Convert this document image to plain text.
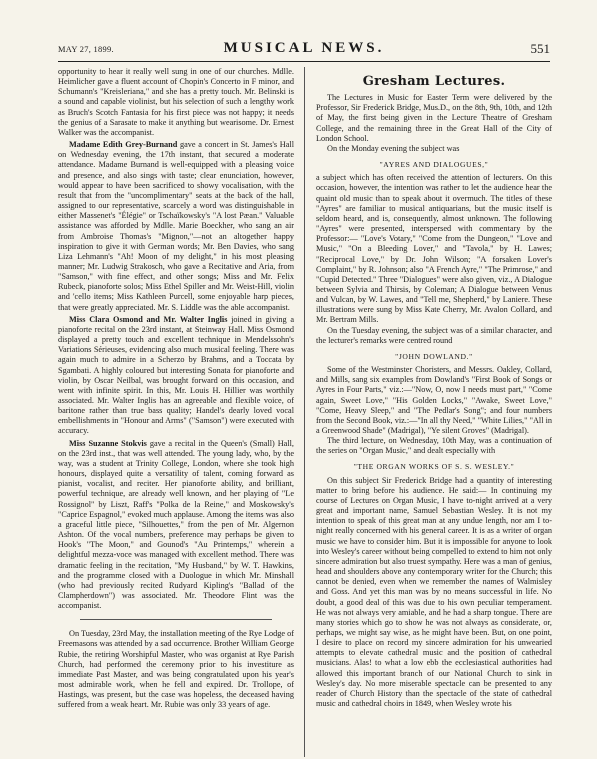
MAY 27, 1899.	MUSICAL NEWS.	551

opportunity to hear it really well sung in one of our churches. Mdlle. Heimlicher gave a fluent account of Chopin's Concerto in F minor, and Schumann's "Kreisleriana," and she has a pretty touch. Mr. Belinski is a sound and capable violinist, but his selection of such a lengthy work as Bruch's Scotch Fantasia for his first piece was not happy; it needs the genius of a Sarasate to make it anything but wearisome. Dr. Ernest Walker was the accompanist.

Madame Edith Grey-Burnand gave a concert in St. James's Hall on Wednesday evening, the 17th instant, that secured a moderate attendance. Madame Burnand is well-equipped with a pleasing voice and presence, and also sings with taste; clear enunciation, however, would appear to have been sacrificed to showy vocalisation, with the result that from the "uncomplimentary" seats at the back of the hall, assigned to our representative, scarcely a word was distinguishable in either Massenet's "Élégie" or Tschaïkowsky's "A lost Pæan." Valuable assistance was afforded by Mdlle. Marie Boeckher, who sang an air from Ambroise Thomas's "Mignon,"—not an altogether happy inspiration to give it with German words; Mr. Ben Davies, who sang Liza Lehmann's "Ah! Moon of my delight," in his most pleasing manner; Mr. Ludwig Strakosch, who gave a Recitative and Aria, from "Samson," with fine effect, and other songs; Miss and Mr. Felix Rubeck, pianoforte solos; Miss Ethel Spiller and Mr. Weist-Hill, violin and 'cello items; Miss Kathleen Purcell, some enjoyable harp pieces, that were greatly appreciated. Mr. S. Liddle was the able accompanist.

Miss Clara Osmond and Mr. Walter Inglis joined in giving a pianoforte recital on the 23rd instant, at Steinway Hall. Miss Osmond displayed a pretty touch and excellent technique in Mendelssohn's Variations Sérieuses, evidencing also much musical feeling. There was again much to admire in a Scherzo by Brahms, and a Toccata by Sgambati. A highly coloured but interesting Sonata for pianoforte and violin, by Oscar Neilbal, was brought forward on this occasion, and went with infinite spirit. In this, Mr. Louis H. Hillier was worthily associated. Mr. Walter Inglis has an agreeable and flexible voice, of baritone rather than true bass quality; Handel's dearly loved vocal embellishments in "Honour and Arms" ("Samson") were executed with accuracy.

Miss Suzanne Stokvis gave a recital in the Queen's (Small) Hall, on the 23rd inst., that was well attended. The young lady, who, by the way, was a student at Trinity College, London, where she took high honours, displayed quite a versatility of talent, coming forward as pianist, vocalist, and reciter. Her pianoforte ability, and brilliant, powerful technique, are already well known, and her playing of "Le Rossignol" by Liszt, Raff's "Polka de la Reine," and Moskowsky's "Caprice Espagnol," evoked much applause. Among the items was also a graceful little piece, "Silhouettes," from the pen of Mr. Algernon Ashton. Of the vocal numbers, preference may perhaps be given to Hook's "The Moon," and Gounod's "Au Printemps," wherein a delightful mezza-voce was managed with excellent method. There was dramatic feeling in the recitation, "My Husband," by W. T. Hawkins, and the programme closed with a Duologue in which Mr. Minshall (who had previously recited Rudyard Kipling's "Ballad of the Clampherdown") was associated. Mr. Theodore Flint was the accompanist.

On Tuesday, 23rd May, the installation meeting of the Rye Lodge of Freemasons was attended by a sad occurrence. Brother William George Rubie, the retiring Worshipful Master, who was organist at Rye Parish Church, had performed the ceremony prior to his investiture as immediate Past Master, and was being congratulated upon his year's most admirable work, when he fell and expired. Dr. Trollope, of Hastings, was present, but the case was hopeless, the deceased having suffered from a weak heart. Mr. Rubie was only 33 years of age.

Gresham Lectures.

The Lectures in Music for Easter Term were delivered by the Professor, Sir Frederick Bridge, Mus.D., on the 8th, 9th, 10th, and 12th of May, the first being given in the Lecture Theatre of Gresham College, and the remaining three in the Great Hall of the City of London School.

On the Monday evening the subject was

"AYRES AND DIALOGUES,"

a subject which has often received the attention of lecturers. On this occasion, however, the intention was rather to let the audience hear the quaint old music than to speak about it overmuch. The titles of these "Ayres" are familiar to musical antiquarians, but the music itself is seldom heard, and is, consequently, almost unknown. The following "Ayres" were presented, interspersed with commentary by the Professor:— "Love's Votary," "Come from the Dungeon," "Love and Music," "On a Bleeding Lover," and "Tavola," by H. Lawes; "Reciprocal Love," by Dr. John Wilson; "A forsaken Lover's Complaint," by R. Johnson; also "A French Ayre," "The Primrose," and "Cupid Detected." Three "Dialogues" were also given, viz., A Dialogue between Sylvia and Thirsis, by Coleman; A Dialogue between Venus and Vulcan, by W. Lawes, and "Tell me, Shepherd," by Laniere. These illustrations were sung by Miss Kate Cherry, Mr. Avalon Collard, and Mr. Bertram Mills.

On the Tuesday evening, the subject was of a similar character, and the lecturer's remarks were centred round

"JOHN DOWLAND."

Some of the Westminster Choristers, and Messrs. Oakley, Collard, and Mills, sang six examples from Dowland's "First Book of Songs or Ayres in Four Parts," viz.:—"Now, O, now I needs must part," "Come again, Sweet Love," "His Golden Locks," "Awake, Sweet Love," "Come, Heavy Sleep," and "The Pedlar's Song"; and four numbers from the Second Book, viz.:—"In all thy Need," "White Lilies," "All in a Greenwood Shade" (Madrigal), "Ye silent Groves" (Madrigal).

The third lecture, on Wednesday, 10th May, was a continuation of the series on "Organ Music," and dealt especially with

"THE ORGAN WORKS OF S. S. WESLEY."

On this subject Sir Frederick Bridge had a quantity of interesting matter to bring before his audience. He said:— In continuing my course of Lectures on Organ Music, I have to-night arrived at a very great and important name, Samuel Sebastian Wesley. It is not my intention to speak of this great man at any undue length, nor am I to-night really concerned with his general career. It is as a writer of organ music we have to consider him. But it is impossible for anyone to look into Wesley's career without being compelled to extend to him not only sincere admiration but also truest sympathy. Here was a man of genius, head and shoulders above any contemporary writer for the Church; this cannot be denied, even when we remember the names of Walmisley and Goss. And yet this man was by no means successful in life. No doubt, a good deal of this was due to his own peculiar temperament. He was not always very amiable, and he had a sharp tongue. There are many stories which go to show he was not always as considerate, or, perhaps, we might say wise, as he might have been. But, on one point, I desire to place on record my sincere admiration for his unwearied attempts to elevate cathedral music and the position of cathedral musicians. Alas! to what a low ebb the ecclesiastical authorities had allowed this important branch of our National Church to sink in Wesley's day. No more miserable spectacle can be presented to any reader of Church History than the spectacle of the state of cathedral music and cathedral choirs in 1849, when Wesley wrote his
